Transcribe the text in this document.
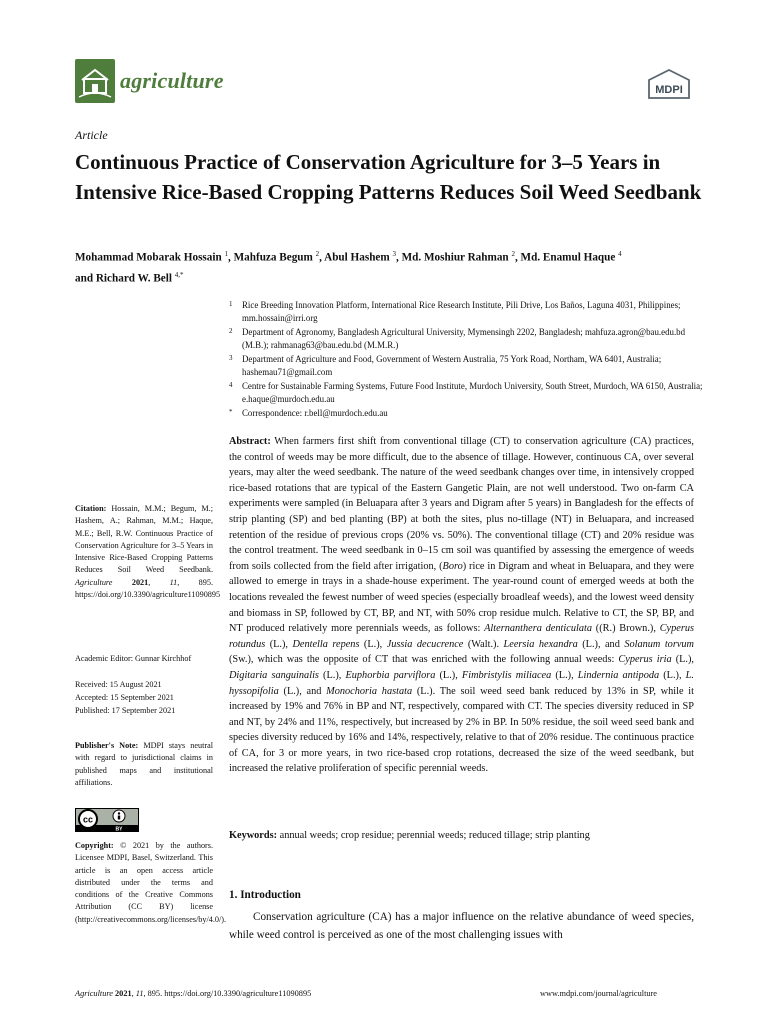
agriculture	MDPI
Article
Continuous Practice of Conservation Agriculture for 3–5 Years in Intensive Rice-Based Cropping Patterns Reduces Soil Weed Seedbank

Mohammad Mobarak Hossain $^1$, Mahfuza Begum $^2$, Abul Hashem $^3$, Md. Moshiur Rahman $^2$, Md. Enamul Haque $^4$
and Richard W. Bell $^{4,*}$

1 Rice Breeding Innovation Platform, International Rice Research Institute, Pili Drive, Los Baños, Laguna 4031, Philippines; mm.hossain@irri.org
2 Department of Agronomy, Bangladesh Agricultural University, Mymensingh 2202, Bangladesh; mahfuza.agron@bau.edu.bd (M.B.); rahmanag63@bau.edu.bd (M.M.R.)
3 Department of Agriculture and Food, Government of Western Australia, 75 York Road, Northam, WA 6401, Australia; hashemau71@gmail.com
4 Centre for Sustainable Farming Systems, Future Food Institute, Murdoch University, South Street, Murdoch, WA 6150, Australia; e.haque@murdoch.edu.au
* Correspondence: r.bell@murdoch.edu.au
Citation: Hossain, M.M.; Begum, M.; Hashem, A.; Rahman, M.M.; Haque, M.E.; Bell, R.W. Continuous Practice of Conservation Agriculture for 3–5 Years in Intensive Rice-Based Cropping Patterns Reduces Soil Weed Seedbank. Agriculture 2021, 11, 895. https://doi.org/10.3390/agriculture11090895
Academic Editor: Gunnar Kirchhof
Received: 15 August 2021
Accepted: 15 September 2021
Published: 17 September 2021
Publisher's Note: MDPI stays neutral with regard to jurisdictional claims in published maps and institutional affiliations.
cc
BY
Copyright: © 2021 by the authors. Licensee MDPI, Basel, Switzerland. This article is an open access article distributed under the terms and conditions of the Creative Commons Attribution (CC BY) license (http://creativecommons.org/licenses/by/4.0/).

Abstract: When farmers first shift from conventional tillage (CT) to conservation agriculture (CA) practices, the control of weeds may be more difficult, due to the absence of tillage. However, continuous CA, over several years, may alter the weed seedbank. The nature of the weed seedbank changes over time, in intensively cropped rice-based rotations that are typical of the Eastern Gangetic Plain, are not well understood. Two on-farm CA experiments were sampled (in Beluapara after 3 years and Digram after 5 years) in Bangladesh for the effects of strip planting (SP) and bed planting (BP) at both the sites, plus no-tillage (NT) in Beluapara, and increased retention of the residue of previous crops (20% vs. 50%). The conventional tillage (CT) and 20% residue was the control treatment. The weed seedbank in 0–15 cm soil was quantified by assessing the emergence of weeds from soils collected from the field after irrigation, (Boro) rice in Digram and wheat in Beluapara, and they were allowed to emerge in trays in a shade-house experiment. The year-round count of emerged weeds at both the locations revealed the fewest number of weed species (especially broadleaf weeds), and the lowest weed density and biomass in SP, followed by CT, BP, and NT, with 50% crop residue mulch. Relative to CT, the SP, BP, and NT produced relatively more perennials weeds, as follows: Alternanthera denticulata ((R.) Brown.), Cyperus rotundus (L.), Dentella repens (L.), Jussia decucrence (Walt.). Leersia hexandra (L.), and Solanum torvum (Sw.), which was the opposite of CT that was enriched with the following annual weeds: Cyperus iria (L.), Digitaria sanguinalis (L.), Euphorbia parviflora (L.), Fimbristylis miliacea (L.), Lindernia antipoda (L.), L. hyssopifolia (L.), and Monochoria hastata (L.). The soil weed seed bank reduced by 13% in SP, while it increased by 19% and 76% in BP and NT, respectively, compared with CT. The species diversity reduced in SP and NT, by 24% and 11%, respectively, but increased by 2% in BP. In 50% residue, the soil weed seed bank and species diversity reduced by 16% and 14%, respectively, relative to that of 20% residue. The continuous practice of CA, for 3 or more years, in two rice-based crop rotations, decreased the size of the weed seedbank, but increased the relative proliferation of specific perennial weeds.

Keywords: annual weeds; crop residue; perennial weeds; reduced tillage; strip planting

1. Introduction

Conservation agriculture (CA) has a major influence on the relative abundance of weed species, while weed control is perceived as one of the most challenging issues with

Agriculture 2021, 11, 895. https://doi.org/10.3390/agriculture11090895	www.mdpi.com/journal/agriculture
